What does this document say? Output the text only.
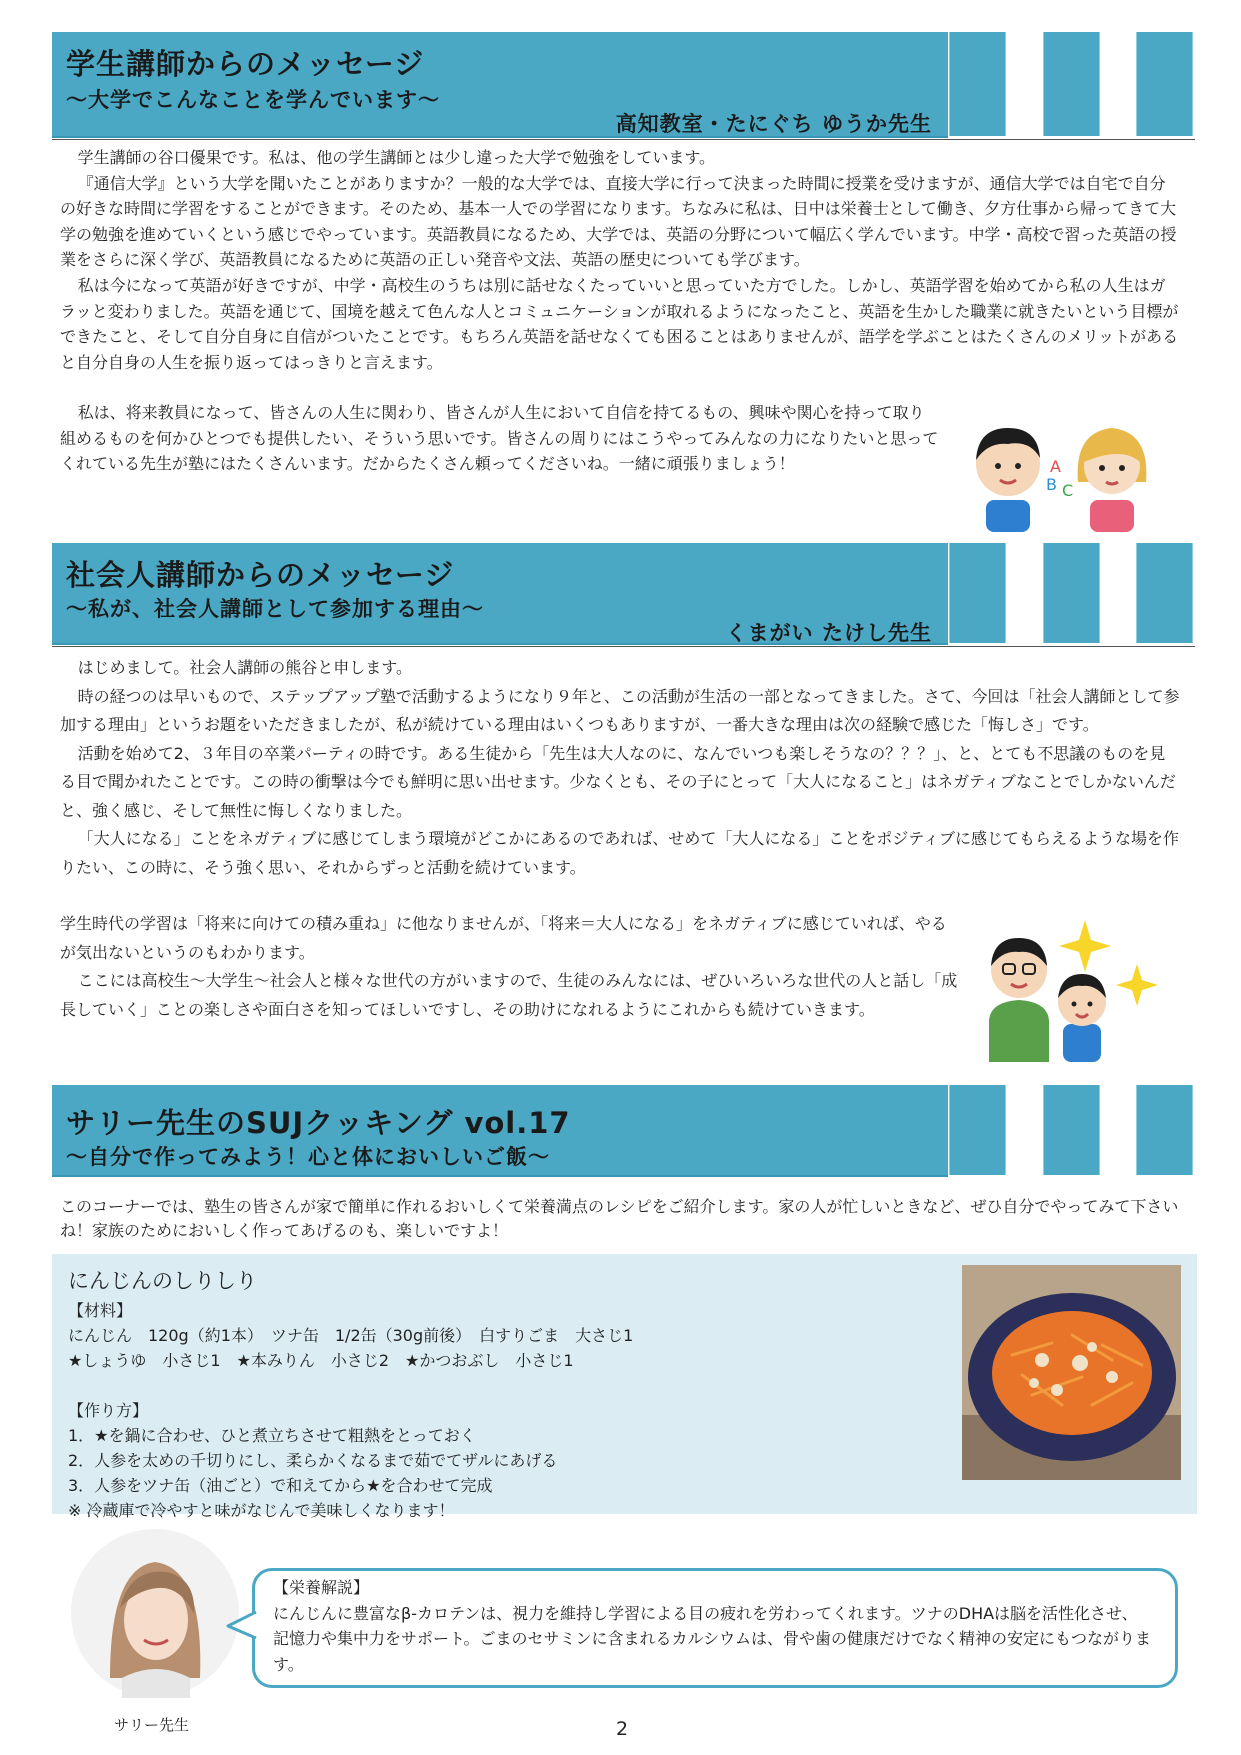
学生講師からのメッセージ
～大学でこんなことを学んでいます～
高知教室・たにぐち ゆうか先生

学生講師の谷口優果です。私は、他の学生講師とは少し違った大学で勉強をしています。

『通信大学』という大学を聞いたことがありますか？一般的な大学では、直接大学に行って決まった時間に授業を受けますが、通信大学では自宅で自分の好きな時間に学習をすることができます。そのため、基本一人での学習になります。ちなみに私は、日中は栄養士として働き、夕方仕事から帰ってきて大学の勉強を進めていくという感じでやっています。英語教員になるため、大学では、英語の分野について幅広く学んでいます。中学・高校で習った英語の授業をさらに深く学び、英語教員になるために英語の正しい発音や文法、英語の歴史についても学びます。

私は今になって英語が好きですが、中学・高校生のうちは別に話せなくたっていいと思っていた方でした。しかし、英語学習を始めてから私の人生はガラッと変わりました。英語を通じて、国境を越えて色んな人とコミュニケーションが取れるようになったこと、英語を生かした職業に就きたいという目標ができたこと、そして自分自身に自信がついたことです。もちろん英語を話せなくても困ることはありませんが、語学を学ぶことはたくさんのメリットがあると自分自身の人生を振り返ってはっきりと言えます。

私は、将来教員になって、皆さんの人生に関わり、皆さんが人生において自信を持てるもの、興味や関心を持って取り組めるものを何かひとつでも提供したい、そういう思いです。皆さんの周りにはこうやってみんなの力になりたいと思ってくれている先生が塾にはたくさんいます。だからたくさん頼ってくださいね。一緒に頑張りましょう！	A
B C
社会人講師からのメッセージ
～私が、社会人講師として参加する理由～
くまがい たけし先生

はじめまして。社会人講師の熊谷と申します。

時の経つのは早いもので、ステップアップ塾で活動するようになり９年と、この活動が生活の一部となってきました。さて、今回は「社会人講師として参加する理由」というお題をいただきましたが、私が続けている理由はいくつもありますが、一番大きな理由は次の経験で感じた「悔しさ」です。

活動を始めて2、３年目の卒業パーティの時です。ある生徒から「先生は大人なのに、なんでいつも楽しそうなの？？？」、と、とても不思議のものを見る目で聞かれたことです。この時の衝撃は今でも鮮明に思い出せます。少なくとも、その子にとって「大人になること」はネガティブなことでしかないんだと、強く感じ、そして無性に悔しくなりました。

「大人になる」ことをネガティブに感じてしまう環境がどこかにあるのであれば、せめて「大人になる」ことをポジティブに感じてもらえるような場を作りたい、この時に、そう強く思い、それからずっと活動を続けています。

学生時代の学習は「将来に向けての積み重ね」に他なりませんが、「将来＝大人になる」をネガティブに感じていれば、やるが気出ないというのもわかります。

ここには高校生～大学生～社会人と様々な世代の方がいますので、生徒のみんなには、ぜひいろいろな世代の人と話し「成長していく」ことの楽しさや面白さを知ってほしいですし、その助けになれるようにこれからも続けていきます。

サリー先生のSUJクッキング vol.17
～自分で作ってみよう！心と体においしいご飯～

このコーナーでは、塾生の皆さんが家で簡単に作れるおいしくて栄養満点のレシピをご紹介します。家の人が忙しいときなど、ぜひ自分でやってみて下さいね！家族のためにおいしく作ってあげるのも、楽しいですよ！

にんじんのしりしり
【材料】
にんじん　120g（約1本）　ツナ缶　1/2缶（30g前後）　白すりごま　大さじ1
★しょうゆ　小さじ1　★本みりん　小さじ2　★かつおぶし　小さじ1
【作り方】
1．★を鍋に合わせ、ひと煮立ちさせて粗熱をとっておく
2．人参を太めの千切りにし、柔らかくなるまで茹でてザルにあげる
3．人参をツナ缶（油ごと）で和えてから★を合わせて完成
※ 冷蔵庫で冷やすと味がなじんで美味しくなります！
サリー先生
【栄養解説】
にんじんに豊富なβ-カロテンは、視力を維持し学習による目の疲れを労わってくれます。ツナのDHAは脳を活性化させ、記憶力や集中力をサポート。ごまのセサミンに含まれるカルシウムは、骨や歯の健康だけでなく精神の安定にもつながります。
2
